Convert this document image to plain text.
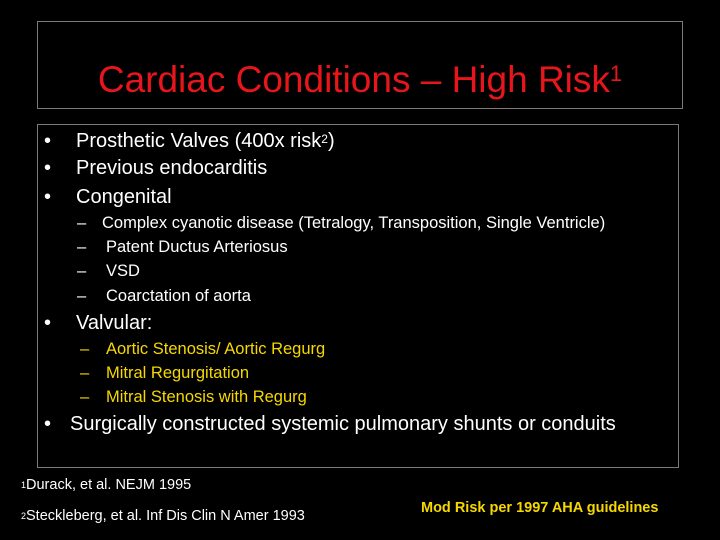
Cardiac Conditions – High Risk$^1$
• Prosthetic Valves (400x risk$^2$)
• Previous endocarditis
• Congenital
– Complex cyanotic disease (Tetralogy, Transposition, Single Ventricle)
– Patent Ductus Arteriosus
– VSD
– Coarctation of aorta
• Valvular:
– Aortic Stenosis/ Aortic Regurg
– Mitral Regurgitation
– Mitral Stenosis with Regurg
• Surgically constructed systemic pulmonary shunts or conduits
$^1$Durack, et al. NEJM 1995
$^2$Steckleberg, et al. Inf Dis Clin N Amer 1993	Mod Risk per 1997 AHA guidelines
